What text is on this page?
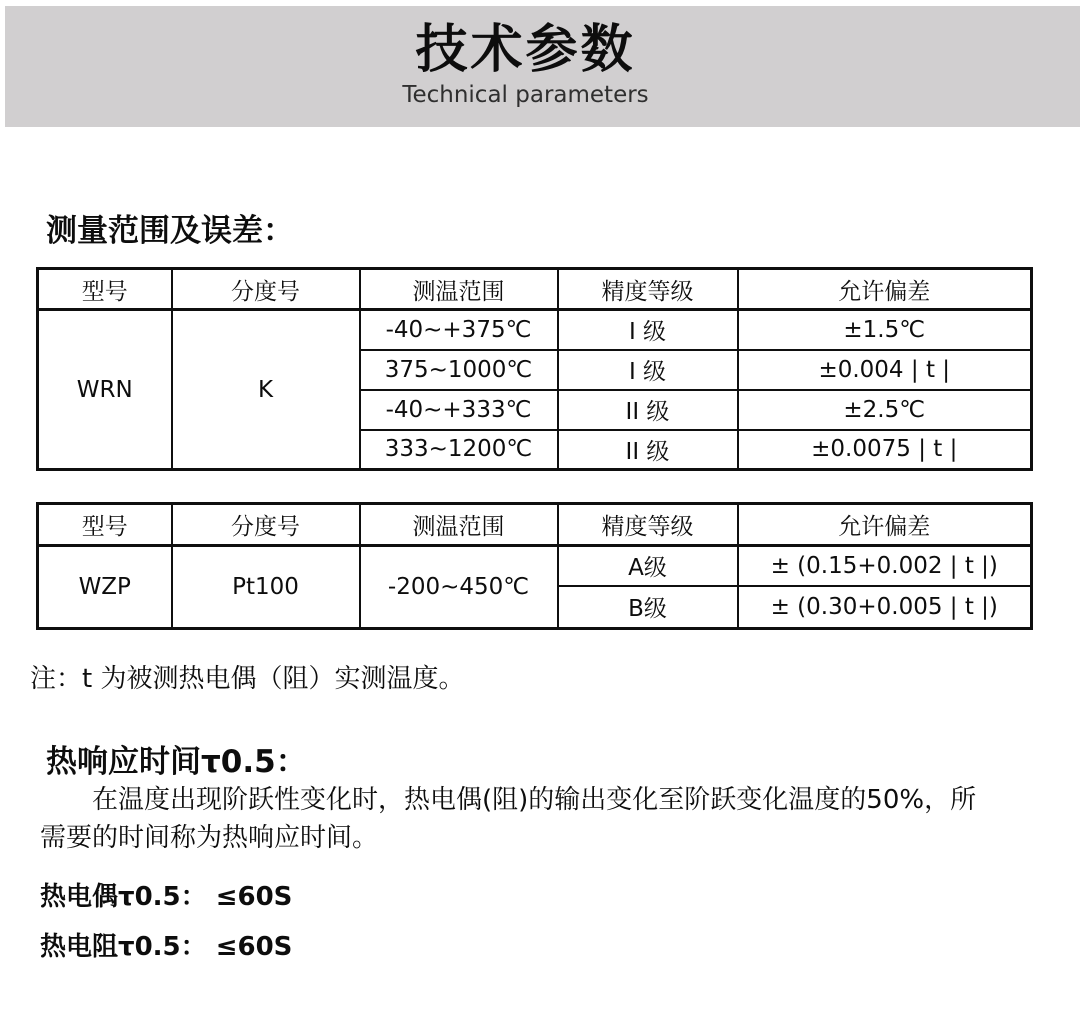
技术参数
Technical parameters
测量范围及误差：
型号	分度号	测温范围	精度等级	允许偏差

WRN	K	-40~+375℃	I 级	±1.5℃
		375~1000℃	I 级	±0.004 | t |
		-40~+333℃	II 级	±2.5℃
		333~1200℃	II 级	±0.0075 | t |
型号	分度号	测温范围	精度等级	允许偏差

WZP	Pt100	-200~450℃	A级	± (0.15+0.002 | t |)
			B级	± (0.30+0.005 | t |)
注：t 为被测热电偶（阻）实测温度。
热响应时间τ0.5：
在温度出现阶跃性变化时，热电偶(阻)的输出变化至阶跃变化温度的50%，所需要的时间称为热响应时间。
热电偶τ0.5： ≤60S
热电阻τ0.5： ≤60S
